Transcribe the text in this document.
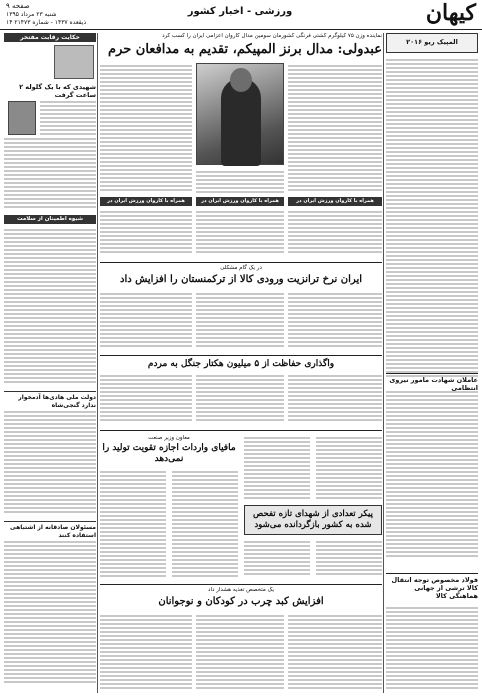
صفحه ۹
شنبه ۲۳ مرداد ۱۳۹۵
۱۴ ذیقعده ۱۴۳۷ - شماره ۲۱۴۷۳
ورزشی - اخبار کشور	کیهان
حکایت رقابت مفتخر
شهیدی که با یک گلوله ۲ ساعت گرفت
شیوه اطمینان از سلامت
دولت ملی هادی‌ها آدمخوار ندارد گنجی‌شاه
مسئولان صادقانه از اشتباهی استفاده کنند
المپیک ریو ۲۰۱۶
عاملان شهادت مامور نیروی انتظامی
فولاد مخصوص توجه انتقال کالا ترشی از جهانی هماهنگی کالا
نماینده وزن ۷۵ کیلوگرم کشتی فرنگی کشورمان سومین مدال کاروان اعزامی ایران را کسب کرد
عبدولی: مدال برنز المپیکم، تقدیم به مدافعان حرم
همراه با کاروان ورزش ایران در المپیک
همراه با کاروان ورزش ایران در المپیک
همراه با کاروان ورزش ایران در المپیک
در یک گام مشکلی
ایران نرخ ترانزیت ورودی کالا از ترکمنستان را افزایش داد
واگذاری حفاظت از ۵ میلیون هکتار جنگل به مردم
معاون وزیر صنعت
مافیای واردات اجازه تقویت تولید را نمی‌دهد
پیکر تعدادی از شهدای تازه تفحص شده به کشور بازگردانده می‌شود
یک متخصص تغذیه هشدار داد
افزایش کبد چرب در کودکان و نوجوانان
